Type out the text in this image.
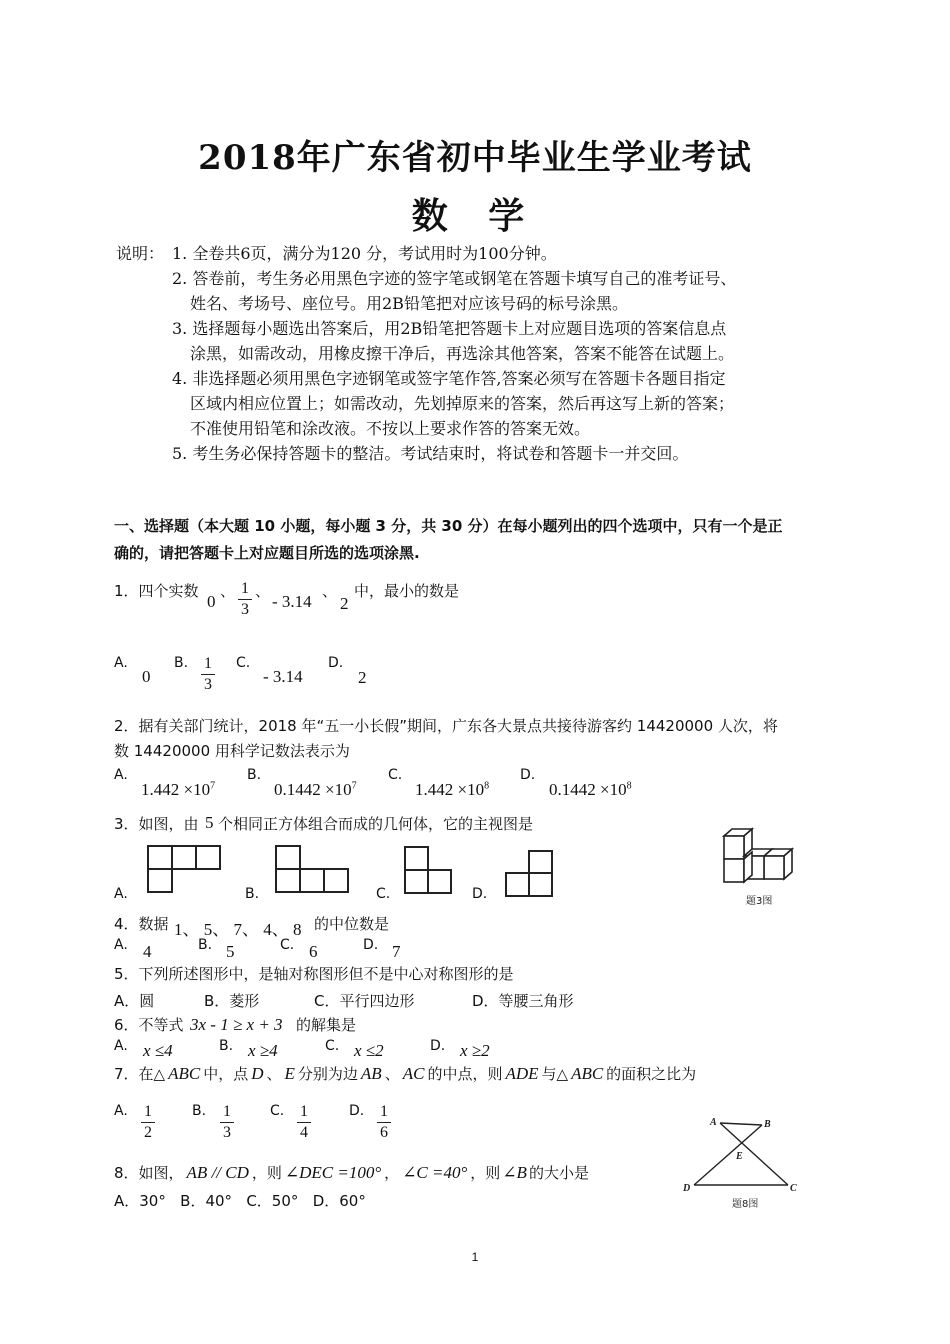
2018年广东省初中毕业生学业考试
数 学
说明： 1. 全卷共6页，满分为120 分，考试用时为100分钟。
2. 答卷前，考生务必用黑色字迹的签字笔或钢笔在答题卡填写自己的准考证号、
姓名、考场号、座位号。用2B铅笔把对应该号码的标号涂黑。
3. 选择题每小题选出答案后，用2B铅笔把答题卡上对应题目选项的答案信息点
涂黑，如需改动，用橡皮擦干净后，再选涂其他答案，答案不能答在试题上。
4. 非选择题必须用黑色字迹钢笔或签字笔作答,答案必须写在答题卡各题目指定
区域内相应位置上；如需改动，先划掉原来的答案，然后再这写上新的答案；
不准使用铅笔和涂改液。不按以上要求作答的答案无效。
5. 考生务必保持答题卡的整洁。考试结束时，将试卷和答题卡一并交回。
一、选择题（本大题 10 小题，每小题 3 分，共 30 分）在每小题列出的四个选项中，只有一个是正
确的，请把答题卡上对应题目所选的选项涂黑.
1．四个实数
0
、 1
3
、
- 3.14
、
2
中，最小的数是
A.
0
B. 1
3
C.
- 3.14
D.
2
2．据有关部门统计，2018 年“五一小长假”期间，广东各大景点共接待游客约 14420000 人次，将
数 14420000 用科学记数法表示为
A.
$1.442 \times 10^7$
B.
$0.1442 \times 10^7$
C.
$1.442 \times 10^8$
D.
$0.1442 \times 10^8$
3．如图，由 5 个相同正方体组合而成的几何体，它的主视图是
A.	B.	C.	D.	题3图
4．数据 1、 5、 7、 4、 8 的中位数是
A. 4	B. 5	C. 6	D. 7
5．下列所述图形中，是轴对称图形但不是中心对称图形的是
A．圆	B．菱形	C．平行四边形	D．等腰三角形
6．不等式 3x - 1 ≥ x + 3 的解集是
A. x ≤4	B. x ≥4	C. x ≤2	D. x ≥2
7．在△ ABC 中，点 D 、 E 分别为边 AB 、 AC 的中点，则 ADE 与△ ABC 的面积之比为
A. 1
2
B. 1
3
C. 1
4
D. 1
6
8．如图， AB // CD ，则 ∠DEC =100° ， ∠C =40° ，则 ∠B 的大小是
A．30°   B．40°   C．50°   D．60°
A	B
E
D	C
题8图
1
